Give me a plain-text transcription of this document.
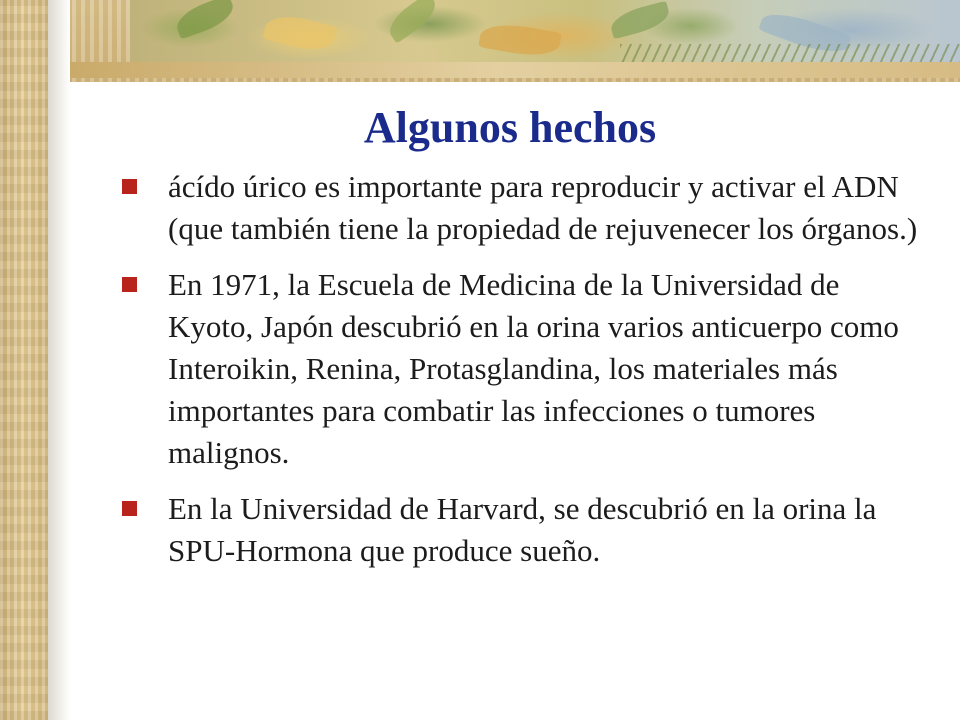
Algunos hechos
ácído úrico es importante para reproducir y activar el ADN (que también tiene la propiedad de rejuvenecer los órganos.)
En 1971, la Escuela de Medicina de la Universidad de Kyoto, Japón descubrió en la orina varios anticuerpo como Interoikin, Renina, Protasglandina, los materiales más importantes para combatir las infecciones o tumores malignos.
En la Universidad de Harvard, se descubrió en la orina la SPU-Hormona que produce sueño.
